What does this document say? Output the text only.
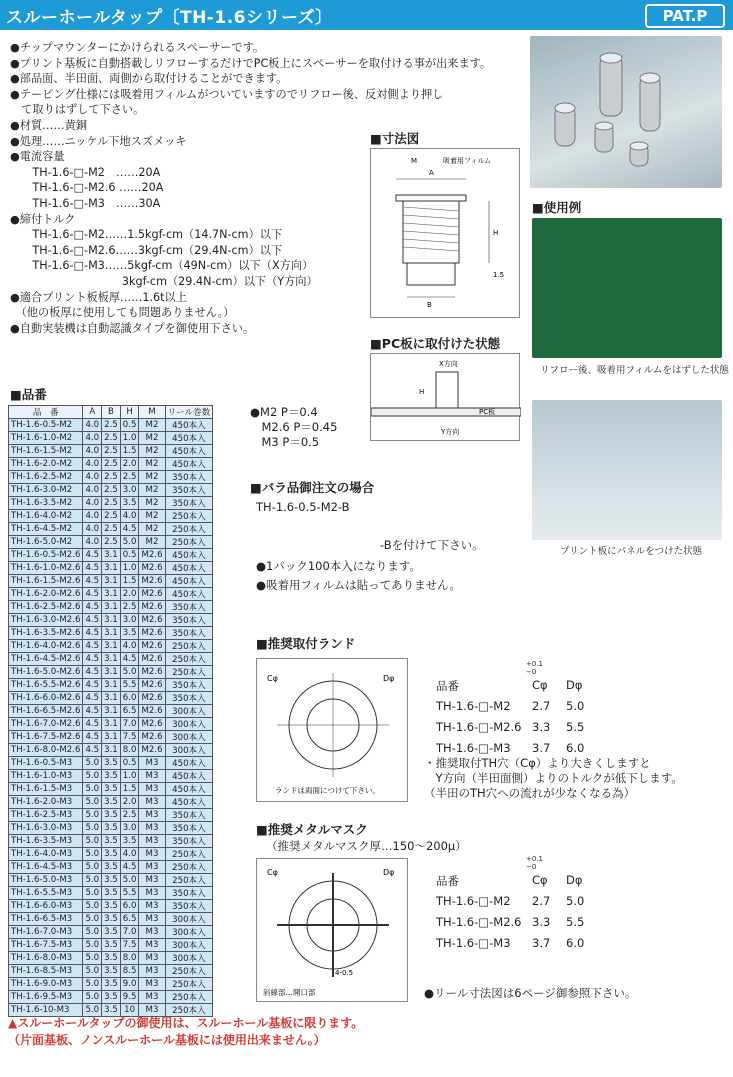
スルーホールタップ〔TH-1.6シリーズ〕	PAT.P
●チップマウンターにかけられるスペーサーです。
●プリント基板に自動搭載しリフローするだけでPC板上にスペーサーを取付ける事が出来ます。
●部品面、半田面、両側から取付けることができます。
●テーピング仕様には吸着用フィルムがついていますのでリフロー後、反対側より押し
　て取りはずして下さい。
●材質……黄銅
●処理……ニッケル下地スズメッキ
●電流容量
　　TH-1.6-□-M2　……20A
　　TH-1.6-□-M2.6 ……20A
　　TH-1.6-□-M3　……30A
●締付トルク
　　TH-1.6-□-M2……1.5kgf-cm（14.7N-cm）以下
　　TH-1.6-□-M2.6……3kgf-cm（29.4N-cm）以下
　　TH-1.6-□-M3……5kgf-cm（49N-cm）以下（X方向）
　　　　　　　　　　3kgf-cm（29.4N-cm）以下（Y方向）
●適合プリント板板厚……1.6t以上
　（他の板厚に使用しても問題ありません。）
●自動実装機は自動認識タイプを御使用下さい。
■寸法図
M	吸着用フィルム
A
H
1.5
B
■使用例
リフロー後、吸着用フィルムをはずした状態
■PC板に取付けた状態
X方向
H
PC板
Y方向
プリント板にパネルをつけた状態
■品番
品　番	A	B	H	M	リール巻数
TH-1.6-0.5-M2	4.0	2.5	0.5	M2	450本入
TH-1.6-1.0-M2	4.0	2.5	1.0	M2	450本入
TH-1.6-1.5-M2	4.0	2.5	1.5	M2	450本入
TH-1.6-2.0-M2	4.0	2.5	2.0	M2	450本入
TH-1.6-2.5-M2	4.0	2.5	2.5	M2	350本入
TH-1.6-3.0-M2	4.0	2.5	3.0	M2	350本入
TH-1.6-3.5-M2	4.0	2.5	3.5	M2	350本入
TH-1.6-4.0-M2	4.0	2.5	4.0	M2	250本入
TH-1.6-4.5-M2	4.0	2.5	4.5	M2	250本入
TH-1.6-5.0-M2	4.0	2.5	5.0	M2	250本入
TH-1.6-0.5-M2.6	4.5	3.1	0.5	M2.6	450本入
TH-1.6-1.0-M2.6	4.5	3.1	1.0	M2.6	450本入
TH-1.6-1.5-M2.6	4.5	3.1	1.5	M2.6	450本入
TH-1.6-2.0-M2.6	4.5	3.1	2.0	M2.6	450本入
TH-1.6-2.5-M2.6	4.5	3.1	2.5	M2.6	350本入
TH-1.6-3.0-M2.6	4.5	3.1	3.0	M2.6	350本入
TH-1.6-3.5-M2.6	4.5	3.1	3.5	M2.6	350本入
TH-1.6-4.0-M2.6	4.5	3.1	4.0	M2.6	250本入
TH-1.6-4.5-M2.6	4.5	3.1	4.5	M2.6	250本入
TH-1.6-5.0-M2.6	4.5	3.1	5.0	M2.6	250本入
TH-1.6-5.5-M2.6	4.5	3.1	5.5	M2.6	350本入
TH-1.6-6.0-M2.6	4.5	3.1	6.0	M2.6	350本入
TH-1.6-6.5-M2.6	4.5	3.1	6.5	M2.6	300本入
TH-1.6-7.0-M2.6	4.5	3.1	7.0	M2.6	300本入
TH-1.6-7.5-M2.6	4.5	3.1	7.5	M2.6	300本入
TH-1.6-8.0-M2.6	4.5	3.1	8.0	M2.6	300本入
TH-1.6-0.5-M3	5.0	3.5	0.5	M3	450本入
TH-1.6-1.0-M3	5.0	3.5	1.0	M3	450本入
TH-1.6-1.5-M3	5.0	3.5	1.5	M3	450本入
TH-1.6-2.0-M3	5.0	3.5	2.0	M3	450本入
TH-1.6-2.5-M3	5.0	3.5	2.5	M3	350本入
TH-1.6-3.0-M3	5.0	3.5	3.0	M3	350本入
TH-1.6-3.5-M3	5.0	3.5	3.5	M3	350本入
TH-1.6-4.0-M3	5.0	3.5	4.0	M3	250本入
TH-1.6-4.5-M3	5.0	3.5	4.5	M3	250本入
TH-1.6-5.0-M3	5.0	3.5	5.0	M3	250本入
TH-1.6-5.5-M3	5.0	3.5	5.5	M3	350本入
TH-1.6-6.0-M3	5.0	3.5	6.0	M3	350本入
TH-1.6-6.5-M3	5.0	3.5	6.5	M3	300本入
TH-1.6-7.0-M3	5.0	3.5	7.0	M3	300本入
TH-1.6-7.5-M3	5.0	3.5	7.5	M3	300本入
TH-1.6-8.0-M3	5.0	3.5	8.0	M3	300本入
TH-1.6-8.5-M3	5.0	3.5	8.5	M3	250本入
TH-1.6-9.0-M3	5.0	3.5	9.0	M3	250本入
TH-1.6-9.5-M3	5.0	3.5	9.5	M3	250本入
TH-1.6-10-M3	5.0	3.5	10	M3	250本入
●M2 P＝0.4
　M2.6 P＝0.45
　M3 P＝0.5
■バラ品御注文の場合
TH-1.6-0.5-M2-B
-Bを付けて下さい。
●1パック100本入になります。
●吸着用フィルムは貼ってありません。
■推奨取付ランド
Cφ	Dφ
ランドは両面につけて下さい。
+0.1
−0
品番	Cφ	Dφ
TH-1.6-□-M2	2.7	5.0
TH-1.6-□-M2.6 3.3	5.5
TH-1.6-□-M3	3.7	6.0
・推奨取付TH穴（Cφ）より大きくしますと
　Y方向（半田面側）よりのトルクが低下します。
（半田のTH穴への流れが少なくなる為）
■推奨メタルマスク
（推奨メタルマスク厚…150～200μ）
Cφ	Dφ
4-0.5
斜線部…開口部
+0.1
−0
品番	Cφ	Dφ
TH-1.6-□-M2	2.7	5.0
TH-1.6-□-M2.6 3.3	5.5
TH-1.6-□-M3	3.7	6.0
●リール寸法図は6ページ御参照下さい。
▲スルーホールタップの御使用は、スルーホール基板に限ります。
（片面基板、ノンスルーホール基板には使用出来ません。）
